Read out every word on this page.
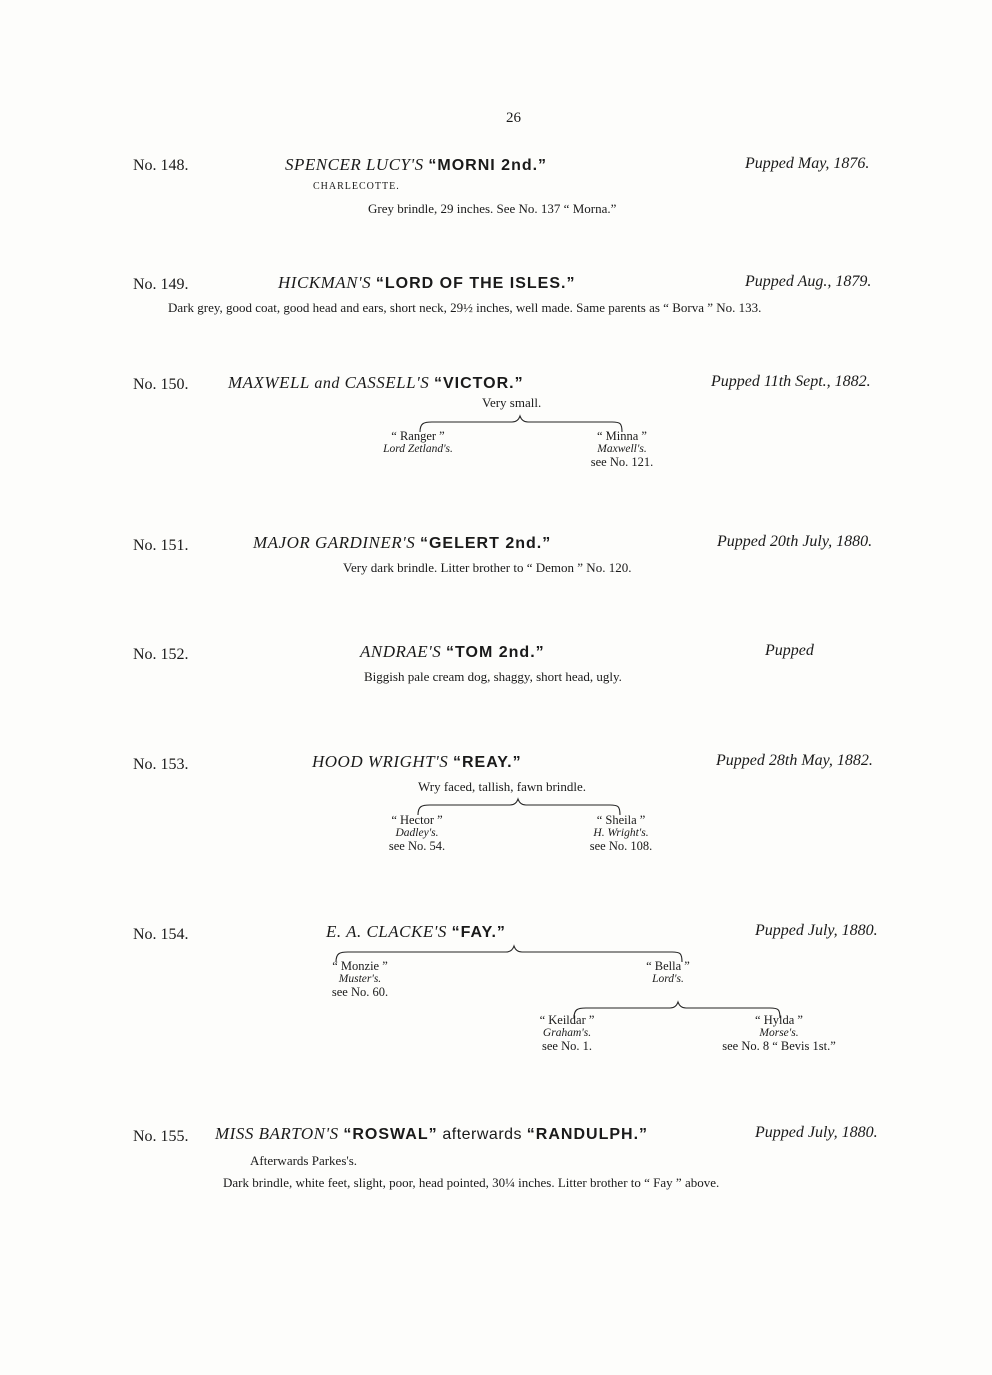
26
No. 148.	SPENCER LUCY'S “MORNI 2nd.”	Pupped May, 1876.
CHARLECOTTE.
Grey brindle, 29 inches. See No. 137 “ Morna.”
No. 149.	HICKMAN'S “LORD OF THE ISLES.”	Pupped Aug., 1879.
Dark grey, good coat, good head and ears, short neck, 29½ inches, well made. Same parents as “ Borva ” No. 133.
No. 150. MAXWELL and CASSELL'S “VICTOR.”	Pupped 11th Sept., 1882.
Very small.
“ Ranger ”
Lord Zetland's.
“ Minna ”
Maxwell's.
see No. 121.
No. 151.	MAJOR GARDINER'S “GELERT 2nd.”	Pupped 20th July, 1880.
Very dark brindle. Litter brother to “ Demon ” No. 120.
No. 152.	ANDRAE'S “TOM 2nd.”	Pupped
Biggish pale cream dog, shaggy, short head, ugly.
No. 153.	HOOD WRIGHT'S “REAY.”	Pupped 28th May, 1882.
Wry faced, tallish, fawn brindle.
“ Hector ”
Dadley's.
see No. 54.
“ Sheila ”
H. Wright's.
see No. 108.
No. 154.	E. A. CLACKE'S “FAY.”	Pupped July, 1880.
“ Monzie ”
Muster's.
see No. 60.
“ Bella ”
Lord's.
“ Keildar ”
Graham's.
see No. 1.
“ Hylda ”
Morse's.
see No. 8 “ Bevis 1st.”
No. 155. MISS BARTON'S “ROSWAL” afterwards “RANDULPH.”	Pupped July, 1880.
Afterwards Parkes's.
Dark brindle, white feet, slight, poor, head pointed, 30¼ inches. Litter brother to “ Fay ” above.
